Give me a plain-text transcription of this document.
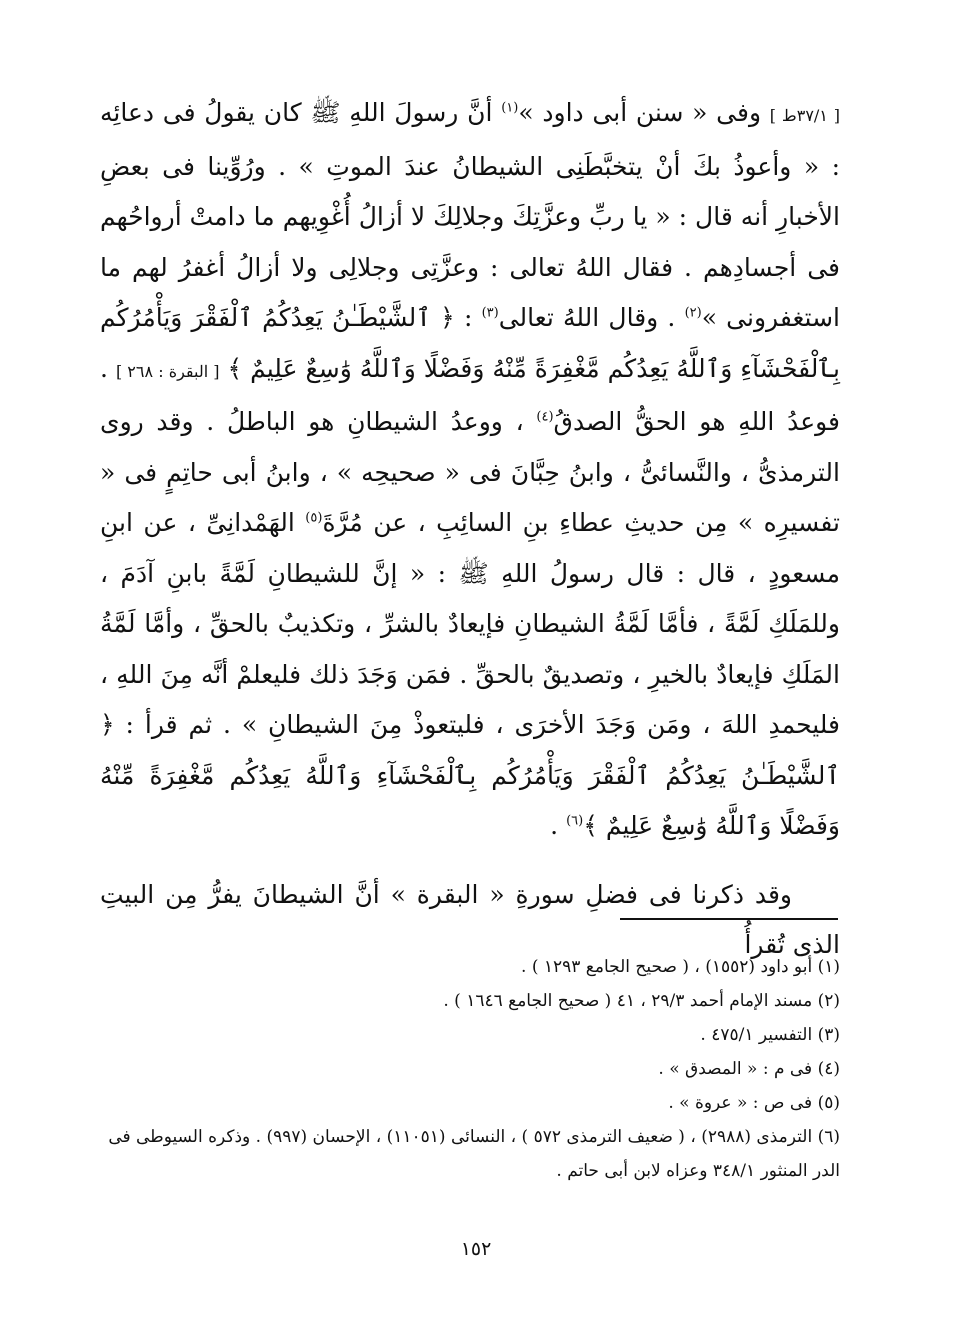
[ ٣٧/١ط ] وفى « سنن أبى داود »$^{(١)}$ أنَّ رسولَ اللهِ ﷺ كان يقولُ فى دعائِه : « وأعوذُ بكَ أنْ يتخبَّطَنِى الشيطانُ عندَ الموتِ » . ورُوِّينا فى بعضِ الأخبارِ أنه قال : « يا ربِّ وعزَّتِكَ وجلالِكَ لا أزالُ أُغْوِيهم ما دامتْ أرواحُهم فى أجسادِهم . فقال اللهُ تعالى : وعزَّتِى وجلالِى ولا أزالُ أغفرُ لهم ما استغفرونى »$^{(٢)}$ . وقال اللهُ تعالى$^{(٣)}$ : ﴿ ٱلشَّيْطَـٰنُ يَعِدُكُمُ ٱلْفَقْرَ وَيَأْمُرُكُم بِٱلْفَحْشَآءِ وَٱللَّهُ يَعِدُكُم مَّغْفِرَةً مِّنْهُ وَفَضْلًا وَٱللَّهُ وَٰسِعٌ عَلِيمٌ ﴾ [ البقرة : ٢٦٨ ] . فوعدُ اللهِ هو الحقُّ الصدقُ$^{(٤)}$ ، ووعدُ الشيطانِ هو الباطلُ . وقد روى الترمذىُّ ، والنَّسائىُّ ، وابنُ حِبَّانَ فى « صحيحِه » ، وابنُ أبى حاتِمٍ فى « تفسيرِه » مِن حديثِ عطاءِ بنِ السائِبِ ، عن مُرَّةَ$^{(٥)}$ الهَمْدانِىِّ ، عن ابنِ مسعودٍ ، قال : قال رسولُ اللهِ ﷺ : « إنَّ للشيطانِ لَمَّةً بابنِ آدَمَ ، وللمَلَكِ لَمَّةً ، فأمَّا لَمَّةُ الشيطانِ فإيعادٌ بالشرِّ ، وتكذيبٌ بالحقِّ ، وأمَّا لَمَّةُ المَلَكِ فإيعادٌ بالخيرِ ، وتصديقٌ بالحقِّ . فمَن وَجَدَ ذلك فليعلمْ أنَّه مِنَ اللهِ ، فليحمدِ اللهَ ، ومَن وَجَدَ الأخرَى ، فليتعوذْ مِنَ الشيطانِ » . ثم قرأ : ﴿ ٱلشَّيْطَـٰنُ يَعِدُكُمُ ٱلْفَقْرَ وَيَأْمُرُكُم بِٱلْفَحْشَآءِ وَٱللَّهُ يَعِدُكُم مَّغْفِرَةً مِّنْهُ وَفَضْلًا وَٱللَّهُ وَٰسِعٌ عَلِيمٌ ﴾$^{(٦)}$ .

وقد ذكرنا فى فضلِ سورةِ « البقرة » أنَّ الشيطانَ يفرُّ مِن البيتِ الذى تُقرأُ

(١) أبو داود (١٥٥٢) ، ( صحيح الجامع ١٢٩٣ ) .

(٢) مسند الإمام أحمد ٢٩/٣ ، ٤١ ( صحيح الجامع ١٦٤٦ ) .

(٣) التفسير ٤٧٥/١ .

(٤) فى م : « المصدق » .

(٥) فى ص : « عروة » .

(٦) الترمذى (٢٩٨٨) ، ( ضعيف الترمذى ٥٧٢ ) ، النسائى (١١٠٥١) ، الإحسان (٩٩٧) . وذكره السيوطى فى الدر المنثور ٣٤٨/١ وعزاه لابن أبى حاتم .

١٥٢
